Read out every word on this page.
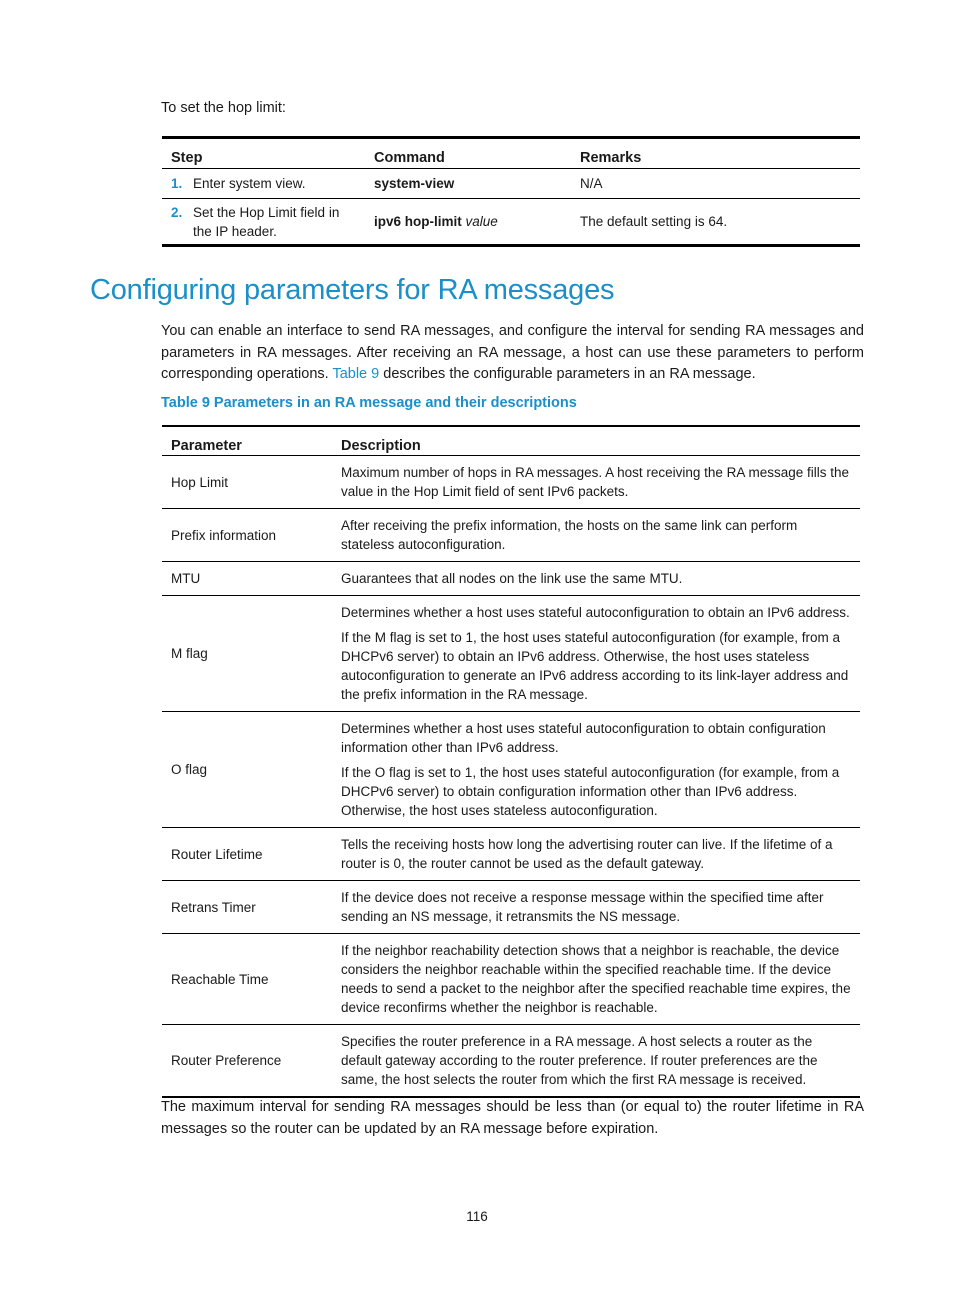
To set the hop limit:

Step	Command	Remarks
1. Enter system view.	system-view	N/A
2. Set the Hop Limit field in the IP header.	ipv6 hop-limit value	The default setting is 64.
Configuring parameters for RA messages

You can enable an interface to send RA messages, and configure the interval for sending RA messages and parameters in RA messages. After receiving an RA message, a host can use these parameters to perform corresponding operations. Table 9 describes the configurable parameters in an RA message.

Table 9 Parameters in an RA message and their descriptions

Parameter	Description
Hop Limit	Maximum number of hops in RA messages. A host receiving the RA message fills the value in the Hop Limit field of sent IPv6 packets.

Prefix information	After receiving the prefix information, the hosts on the same link can perform stateless autoconfiguration.

MTU	Guarantees that all nodes on the link use the same MTU.

M flag	Determines whether a host uses stateful autoconfiguration to obtain an IPv6 address.

If the M flag is set to 1, the host uses stateful autoconfiguration (for example, from a DHCPv6 server) to obtain an IPv6 address. Otherwise, the host uses stateless autoconfiguration to generate an IPv6 address according to its link-layer address and the prefix information in the RA message.

O flag	Determines whether a host uses stateful autoconfiguration to obtain configuration information other than IPv6 address.

If the O flag is set to 1, the host uses stateful autoconfiguration (for example, from a DHCPv6 server) to obtain configuration information other than IPv6 address. Otherwise, the host uses stateless autoconfiguration.

Router Lifetime	Tells the receiving hosts how long the advertising router can live. If the lifetime of a router is 0, the router cannot be used as the default gateway.

Retrans Timer	If the device does not receive a response message within the specified time after sending an NS message, it retransmits the NS message.

Reachable Time	If the neighbor reachability detection shows that a neighbor is reachable, the device considers the neighbor reachable within the specified reachable time. If the device needs to send a packet to the neighbor after the specified reachable time expires, the device reconfirms whether the neighbor is reachable.

Router Preference	Specifies the router preference in a RA message. A host selects a router as the default gateway according to the router preference. If router preferences are the same, the host selects the router from which the first RA message is received.

The maximum interval for sending RA messages should be less than (or equal to) the router lifetime in RA messages so the router can be updated by an RA message before expiration.

116
